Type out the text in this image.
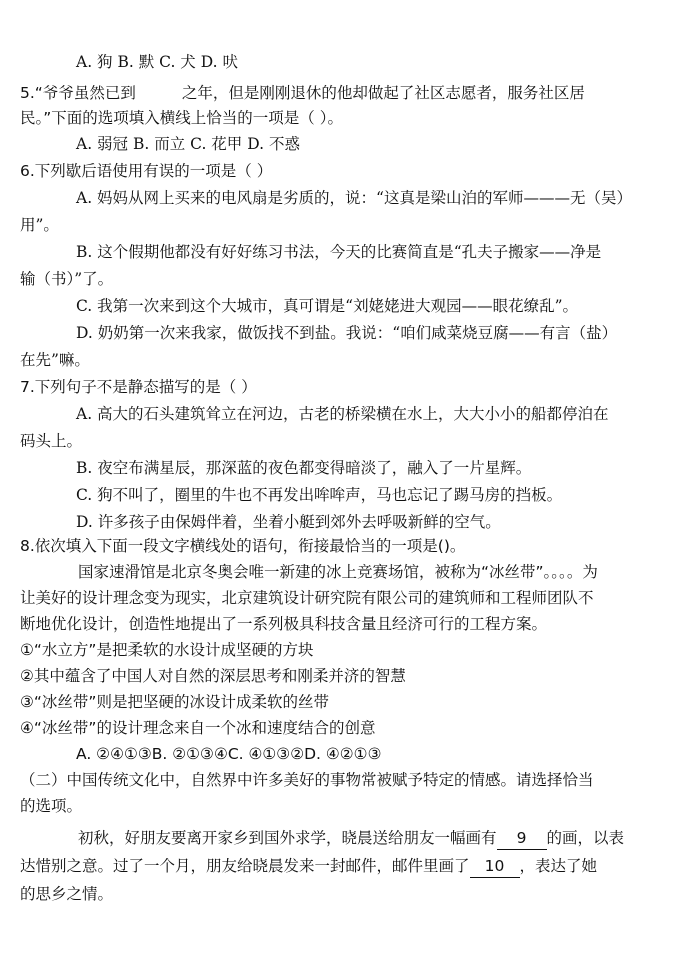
A. 狗 B. 默 C. 犬 D. 吠
5.“爷爷虽然已到	之年，但是刚刚退休的他却做起了社区志愿者，服务社区居
民。”下面的选项填入横线上恰当的一项是（ ）。
A. 弱冠 B. 而立 C. 花甲 D. 不惑
6.下列歇后语使用有误的一项是（ ）
A. 妈妈从网上买来的电风扇是劣质的，说：“这真是梁山泊的军师———无（吴）
用”。
B. 这个假期他都没有好好练习书法，今天的比赛简直是“孔夫子搬家——净是
输（书）”了。
C. 我第一次来到这个大城市，真可谓是“刘姥姥进大观园——眼花缭乱”。
D. 奶奶第一次来我家，做饭找不到盐。我说：“咱们咸菜烧豆腐——有言（盐）
在先”嘛。
7.下列句子不是静态描写的是（ ）
A. 高大的石头建筑耸立在河边，古老的桥梁横在水上，大大小小的船都停泊在
码头上。
B. 夜空布满星辰，那深蓝的夜色都变得暗淡了，融入了一片星辉。
C. 狗不叫了，圈里的牛也不再发出哞哞声，马也忘记了踢马房的挡板。
D. 许多孩子由保姆伴着，坐着小艇到郊外去呼吸新鲜的空气。
8.依次填入下面一段文字横线处的语句，衔接最恰当的一项是()。
国家速滑馆是北京冬奥会唯一新建的冰上竞赛场馆，被称为“冰丝带”。。。。为
让美好的设计理念变为现实，北京建筑设计研究院有限公司的建筑师和工程师团队不
断地优化设计，创造性地提出了一系列极具科技含量且经济可行的工程方案。
①“水立方”是把柔软的水设计成坚硬的方块
②其中蕴含了中国人对自然的深层思考和刚柔并济的智慧
③“冰丝带”则是把坚硬的冰设计成柔软的丝带
④“冰丝带”的设计理念来自一个冰和速度结合的创意
A. ②④①③B. ②①③④C. ④①③②D. ④②①③
（二）中国传统文化中，自然界中许多美好的事物常被赋予特定的情感。请选择恰当
的选项。
初秋，好朋友要离开家乡到国外求学，晓晨送给朋友一幅画有 9 的画，以表
达惜别之意。过了一个月，朋友给晓晨发来一封邮件，邮件里画了 10 ，表达了她
的思乡之情。
